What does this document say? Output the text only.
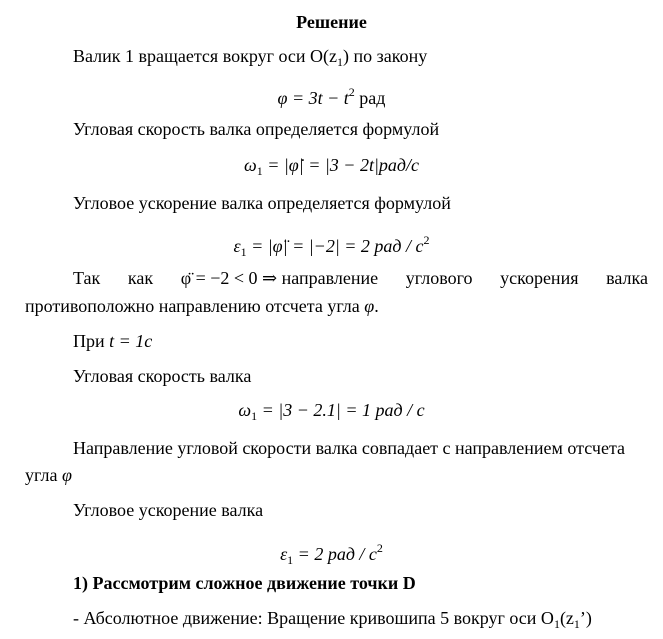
Решение
Валик 1 вращается вокруг оси $O(z_1)$ по закону
$\varphi = 3t - t^2$ рад
Угловая скорость валка определяется формулой
$\omega_1$ = |φ̇| = |3 − 2t|рад/с
Угловое ускорение валка определяется формулой
$\varepsilon_1$ = |φ̈| = |−2| = 2 рад / $с^2$
Так как φ̈ = −2 < 0 ⇒ направление углового ускорения валка
противоположно направлению отсчета угла φ.
При t = 1c
Угловая скорость валка
$\omega_1 = |3 - 2.1| = 1$ рад / с
Направление угловой скорости валка совпадает с направлением отсчета
угла φ
Угловое ускорение валка
$\varepsilon_1 = 2$ рад / $с^2$
1) Рассмотрим сложное движение точки D
- Абсолютное движение: Вращение кривошипа 5 вокруг оси $O_1(z_1’)$
